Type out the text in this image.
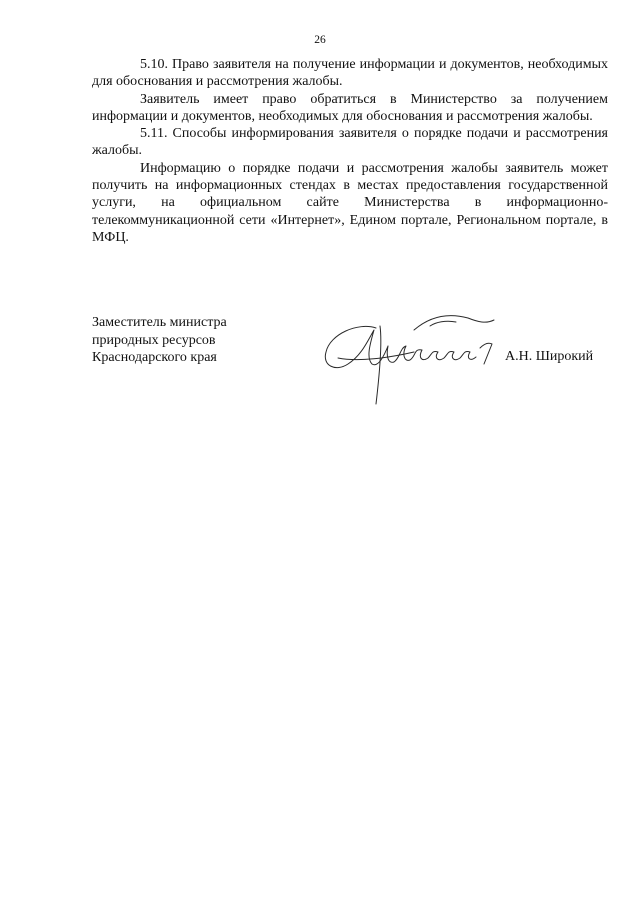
26

5.10. Право заявителя на получение информации и документов, необходимых для обоснования и рассмотрения жалобы.

Заявитель имеет право обратиться в Министерство за получением информации и документов, необходимых для обоснования и рассмотрения жалобы.

5.11. Способы информирования заявителя о порядке подачи и рассмотрения жалобы.

Информацию о порядке подачи и рассмотрения жалобы заявитель может получить на информационных стендах в местах предоставления государственной услуги, на официальном сайте Министерства в информационно-телекоммуникационной сети «Интернет», Едином портале, Региональном портале, в МФЦ.

Заместитель министра
природных ресурсов
Краснодарского края	А.Н. Широкий
